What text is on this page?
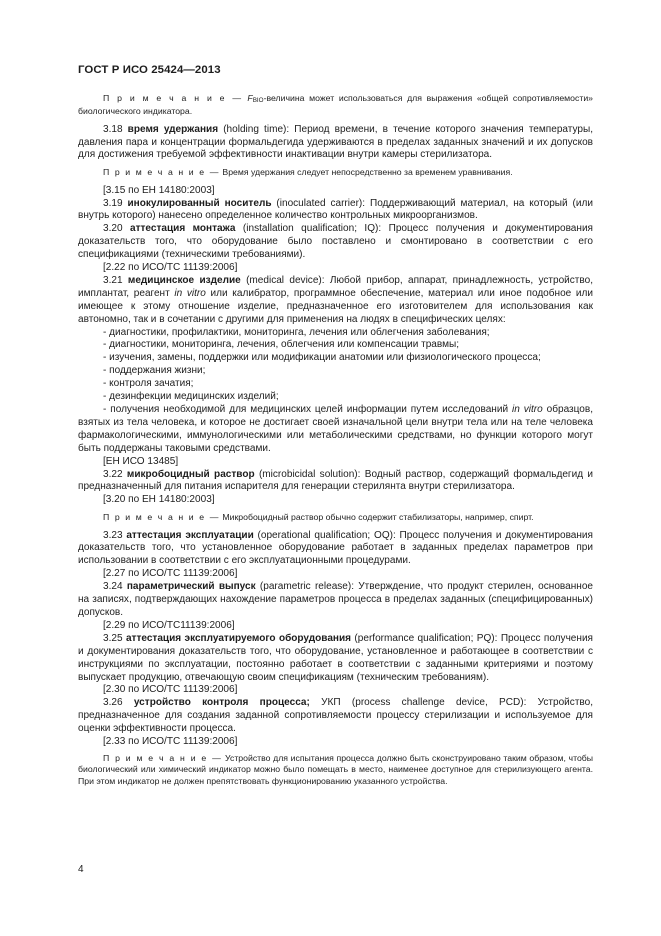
ГОСТ Р ИСО 25424—2013

П р и м е ч а н и е — FBIO-величина может использоваться для выражения «общей сопротивляемости» биологического индикатора.

3.18 время удержания (holding time): Период времени, в течение которого значения температуры, давления пара и концентрации формальдегида удерживаются в пределах заданных значений и их допусков для достижения требуемой эффективности инактивации внутри камеры стерилизатора.

П р и м е ч а н и е — Время удержания следует непосредственно за временем уравнивания.

[3.15 по ЕН 14180:2003]

3.19 инокулированный носитель (inoculated carrier): Поддерживающий материал, на который (или внутрь которого) нанесено определенное количество контрольных микроорганизмов.

3.20 аттестация монтажа (installation qualification; IQ): Процесс получения и документирования доказательств того, что оборудование было поставлено и смонтировано в соответствии с его спецификациями (техническими требованиями).

[2.22 по ИСО/ТС 11139:2006]

3.21 медицинское изделие (medical device): Любой прибор, аппарат, принадлежность, устройство, имплантат, реагент in vitro или калибратор, программное обеспечение, материал или иное подобное или имеющее к этому отношение изделие, предназначенное его изготовителем для использования как автономно, так и в сочетании с другими для применения на людях в специфических целях:

- диагностики, профилактики, мониторинга, лечения или облегчения заболевания;

- диагностики, мониторинга, лечения, облегчения или компенсации травмы;

- изучения, замены, поддержки или модификации анатомии или физиологического процесса;

- поддержания жизни;

- контроля зачатия;

- дезинфекции медицинских изделий;

- получения необходимой для медицинских целей информации путем исследований in vitro образцов, взятых из тела человека, и которое не достигает своей изначальной цели внутри тела или на теле человека фармакологическими, иммунологическими или метаболическими средствами, но функции которого могут быть поддержаны таковыми средствами.

[ЕН ИСО 13485]

3.22 микробоцидный раствор (microbicidal solution): Водный раствор, содержащий формальдегид и предназначенный для питания испарителя для генерации стерилянта внутри стерилизатора.

[3.20 по ЕН 14180:2003]

П р и м е ч а н и е — Микробоцидный раствор обычно содержит стабилизаторы, например, спирт.

3.23 аттестация эксплуатации (operational qualification; OQ): Процесс получения и документирования доказательств того, что установленное оборудование работает в заданных пределах параметров при использовании в соответствии с его эксплуатационными процедурами.

[2.27 по ИСО/ТС 11139:2006]

3.24 параметрический выпуск (parametric release): Утверждение, что продукт стерилен, основанное на записях, подтверждающих нахождение параметров процесса в пределах заданных (специфицированных) допусков.

[2.29 по ИСО/ТС11139:2006]

3.25 аттестация эксплуатируемого оборудования (performance qualification; PQ): Процесс получения и документирования доказательств того, что оборудование, установленное и работающее в соответствии с инструкциями по эксплуатации, постоянно работает в соответствии с заданными критериями и поэтому выпускает продукцию, отвечающую своим спецификациям (техническим требованиям).

[2.30 по ИСО/ТС 11139:2006]

3.26 устройство контроля процесса; УКП (process challenge device, PCD): Устройство, предназначенное для создания заданной сопротивляемости процессу стерилизации и используемое для оценки эффективности процесса.

[2.33 по ИСО/ТС 11139:2006]

П р и м е ч а н и е — Устройство для испытания процесса должно быть сконструировано таким образом, чтобы биологический или химический индикатор можно было помещать в место, наименее доступное для стерилизующего агента. При этом индикатор не должен препятствовать функционированию указанного устройства.

4
